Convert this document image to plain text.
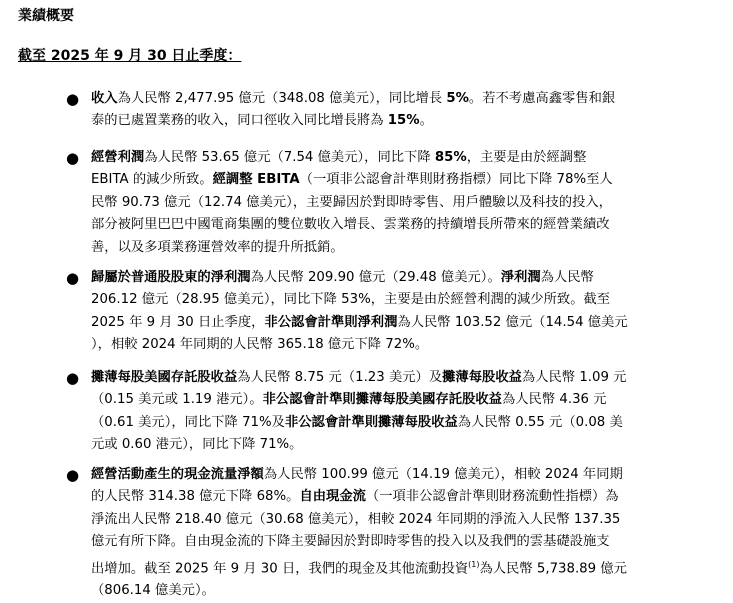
業績概要
截至 2025 年 9 月 30 日止季度：
● 收入為人民幣 2,477.95 億元（348.08 億美元），同比增長 5%。若不考慮高鑫零售和銀
泰的已處置業務的收入，同口徑收入同比增長將為 15%。
● 經營利潤為人民幣 53.65 億元（7.54 億美元），同比下降 85%，主要是由於經調整
EBITA 的減少所致。經調整 EBITA（一項非公認會計準則財務指標）同比下降 78%至人
民幣 90.73 億元（12.74 億美元），主要歸因於對即時零售、用戶體驗以及科技的投入，
部分被阿里巴巴中國電商集團的雙位數收入增長、雲業務的持續增長所帶來的經營業績改
善，以及多項業務運營效率的提升所抵銷。
● 歸屬於普通股股東的淨利潤為人民幣 209.90 億元（29.48 億美元）。淨利潤為人民幣
206.12 億元（28.95 億美元），同比下降 53%，主要是由於經營利潤的減少所致。截至
2025 年 9 月 30 日止季度，非公認會計準則淨利潤為人民幣 103.52 億元（14.54 億美元
），相較 2024 年同期的人民幣 365.18 億元下降 72%。
● 攤薄每股美國存託股收益為人民幣 8.75 元（1.23 美元）及攤薄每股收益為人民幣 1.09 元
（0.15 美元或 1.19 港元）。非公認會計準則攤薄每股美國存託股收益為人民幣 4.36 元
（0.61 美元），同比下降 71%及非公認會計準則攤薄每股收益為人民幣 0.55 元（0.08 美
元或 0.60 港元），同比下降 71%。
● 經營活動產生的現金流量淨額為人民幣 100.99 億元（14.19 億美元），相較 2024 年同期
的人民幣 314.38 億元下降 68%。自由現金流（一項非公認會計準則財務流動性指標）為
淨流出人民幣 218.40 億元（30.68 億美元），相較 2024 年同期的淨流入人民幣 137.35
億元有所下降。自由現金流的下降主要歸因於對即時零售的投入以及我們的雲基礎設施支
出增加。截至 2025 年 9 月 30 日，我們的現金及其他流動投資$^{(1)}$為人民幣 5,738.89 億元
（806.14 億美元）。
